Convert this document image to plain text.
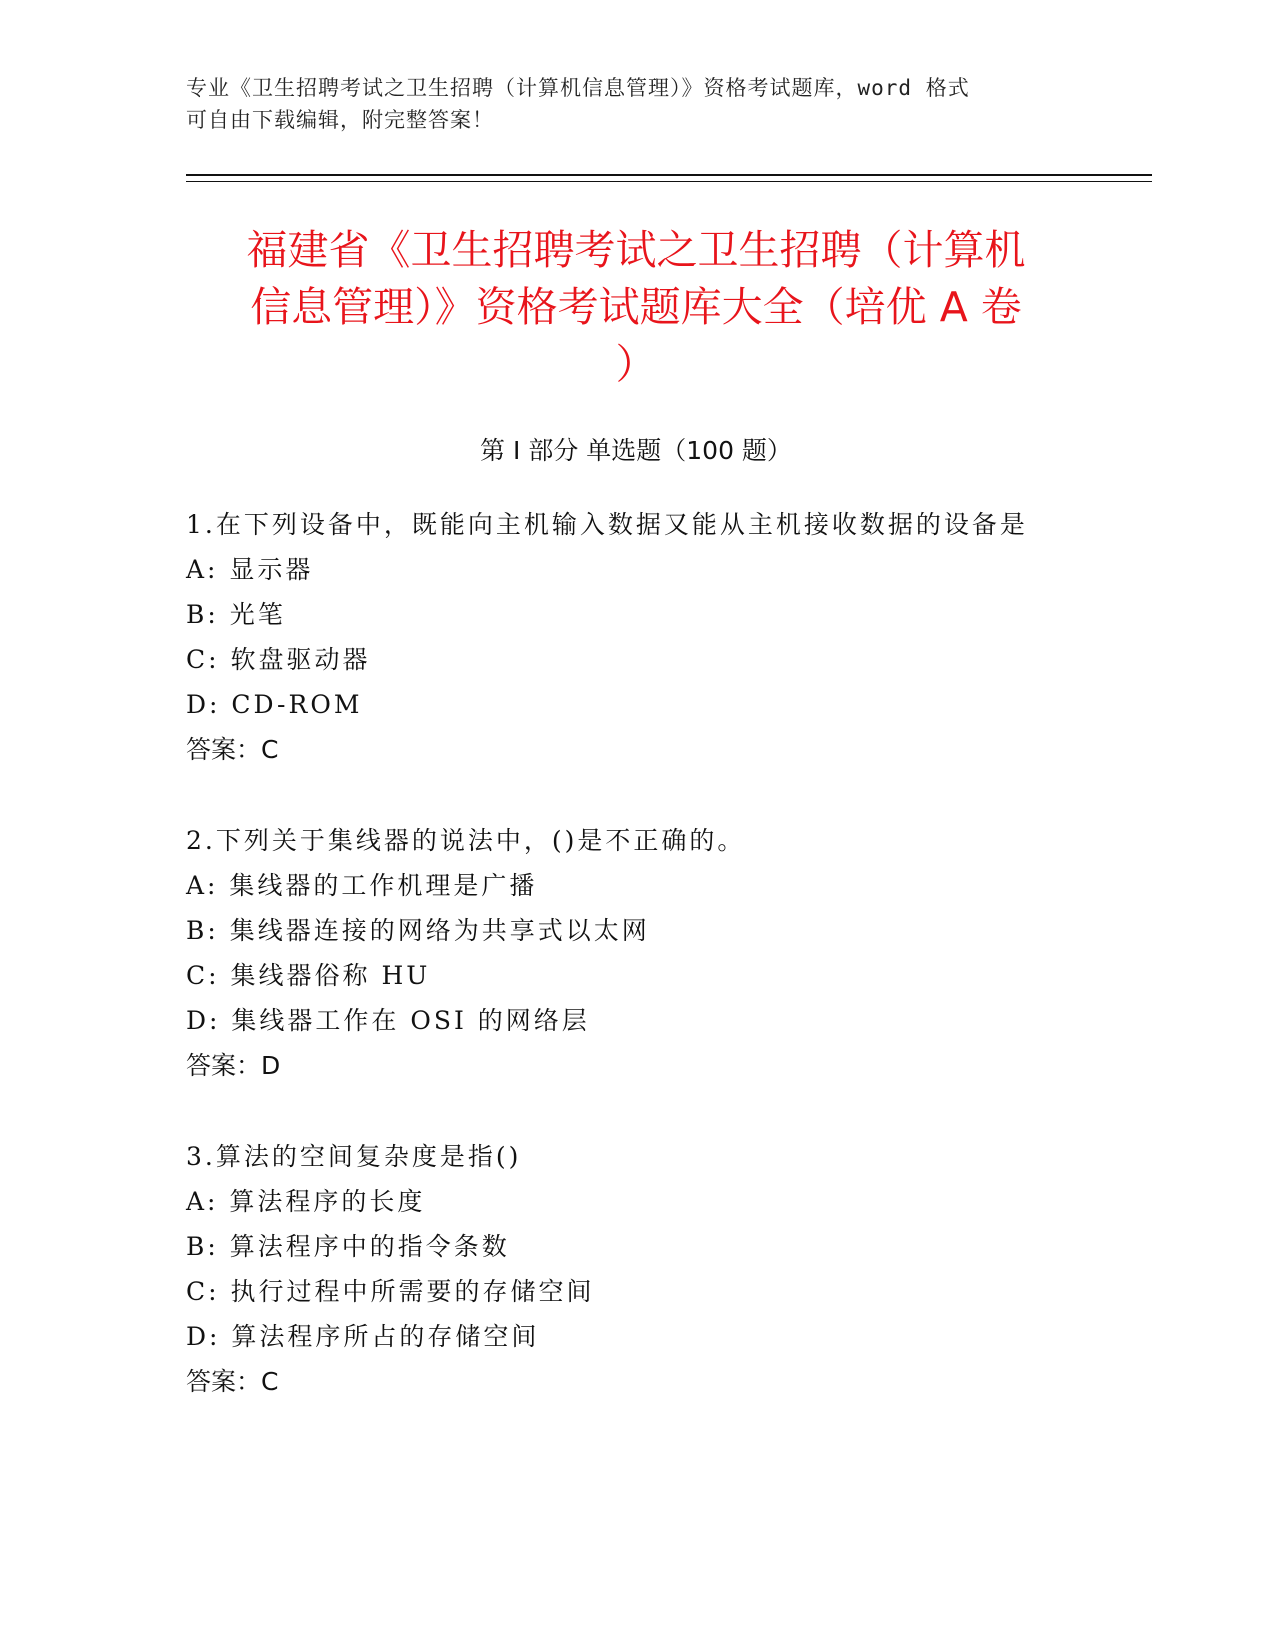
专业《卫生招聘考试之卫生招聘（计算机信息管理）》资格考试题库，word 格式
可自由下载编辑，附完整答案！
福建省《卫生招聘考试之卫生招聘（计算机
信息管理）》资格考试题库大全（培优 A 卷
）
第 I 部分 单选题（100 题）
1.在下列设备中，既能向主机输入数据又能从主机接收数据的设备是
A: 显示器
B: 光笔
C: 软盘驱动器
D: CD-ROM
答案：C
2.下列关于集线器的说法中，()是不正确的。
A: 集线器的工作机理是广播
B: 集线器连接的网络为共享式以太网
C: 集线器俗称 HU
D: 集线器工作在 OSI 的网络层
答案：D
3.算法的空间复杂度是指()
A: 算法程序的长度
B: 算法程序中的指令条数
C: 执行过程中所需要的存储空间
D: 算法程序所占的存储空间
答案：C
